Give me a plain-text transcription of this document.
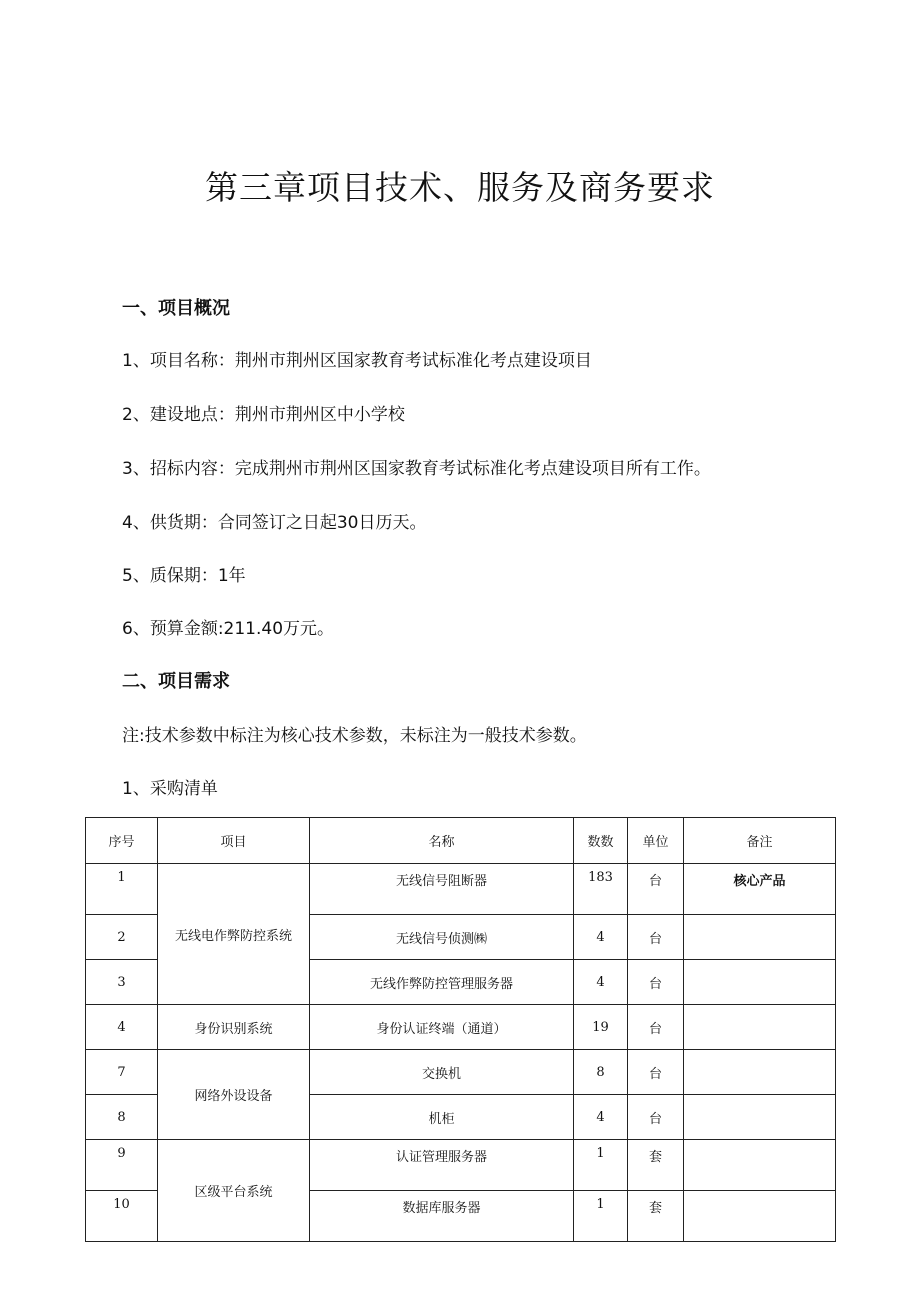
第三章项目技术、服务及商务要求
一、项目概况

1、项目名称：荆州市荆州区国家教育考试标准化考点建设项目

2、建设地点：荆州市荆州区中小学校

3、招标内容：完成荆州市荆州区国家教育考试标准化考点建设项目所有工作。

4、供货期：合同签订之日起30日历天。

5、质保期：1年

6、预算金额:211.40万元。

二、项目需求

注:技术参数中标注为核心技术参数，未标注为一般技术参数。

1、采购清单

序号	项目	名称	数数	单位	备注
1	无线电作弊防控系统	无线信号阻断器	183	台	核心产品
2		无线信号侦测㈱	4	台	
3		无线作弊防控管理服务器	4	台	
4	身份识别系统	身份认证终端（通道）	19	台	
7	网络外设设备	交换机	8	台	
8		机柜	4	台	
9	区级平台系统	认证管理服务器	1	套	
10		数据库服务器	1	套	
